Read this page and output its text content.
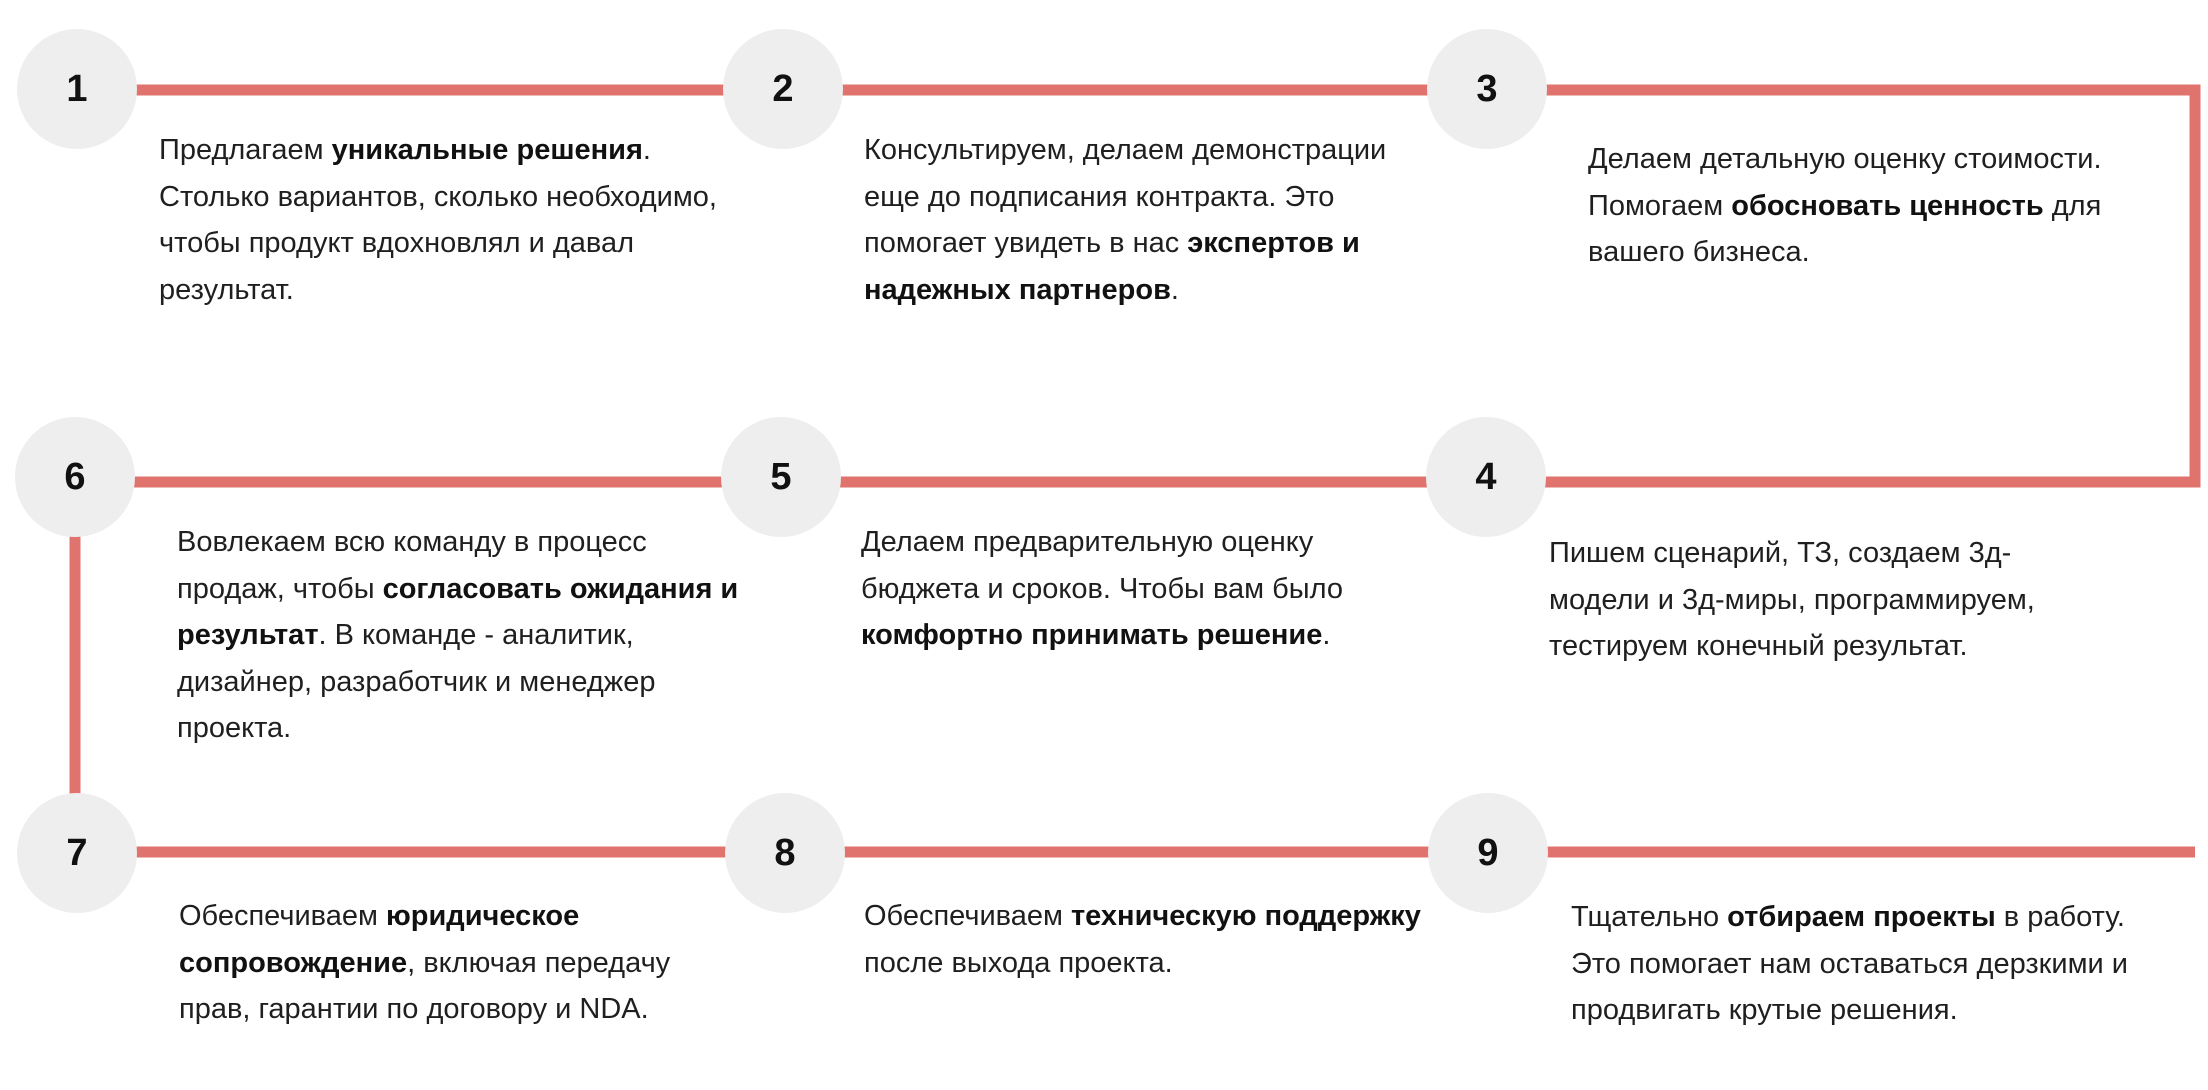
1
Предлагаем уникальные решения. Столько вариантов, сколько необходимо, чтобы продукт вдохновлял и давал результат.
2
Консультируем, делаем демонстрации еще до подписания контракта. Это помогает увидеть в нас экспертов и надежных партнеров.
3
Делаем детальную оценку стоимости. Помогаем обосновать ценность для вашего бизнеса.
4
Пишем сценарий, ТЗ, создаем 3д-модели и 3д-миры, программируем, тестируем конечный результат.
5
Делаем предварительную оценку бюджета и сроков. Чтобы вам было комфортно принимать решение.
6
Вовлекаем всю команду в процесс продаж, чтобы согласовать ожидания и результат. В команде - аналитик, дизайнер, разработчик и менеджер проекта.
7
Обеспечиваем юридическое сопровождение, включая передачу прав, гарантии по договору и NDA.
8
Обеспечиваем техническую поддержку после выхода проекта.
9
Тщательно отбираем проекты в работу. Это помогает нам оставаться дерзкими и продвигать крутые решения.
